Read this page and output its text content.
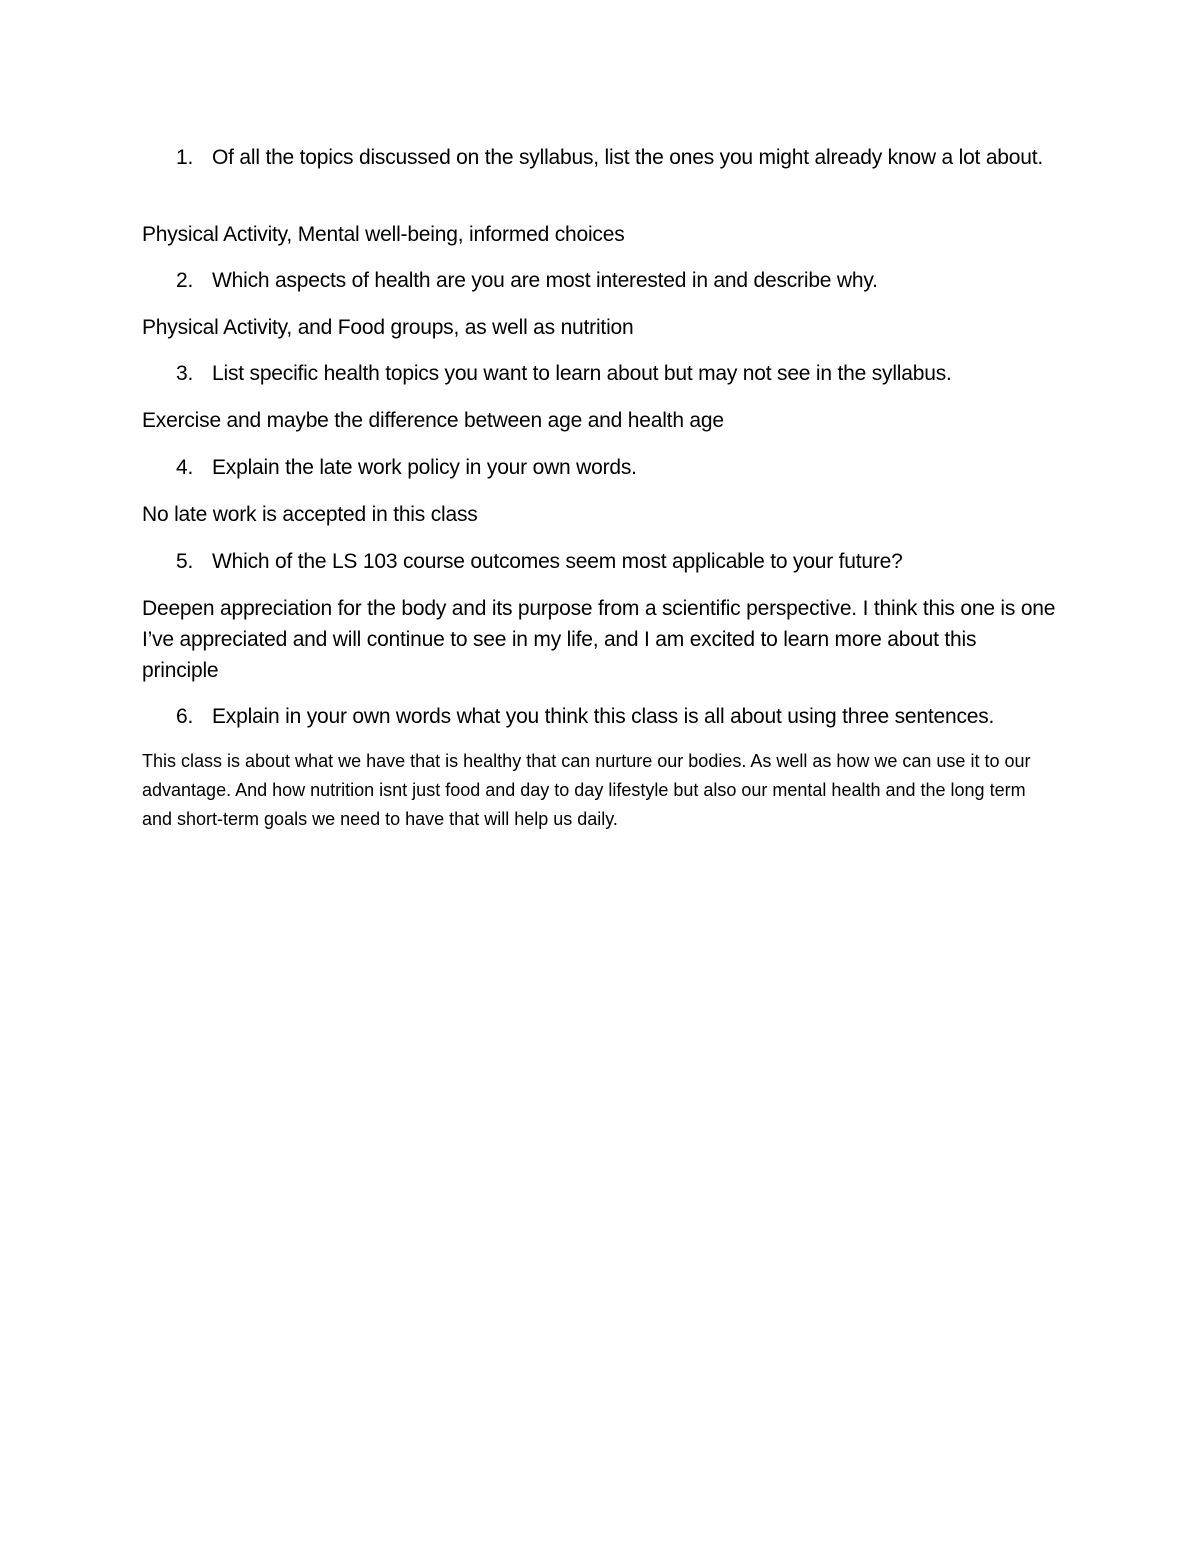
1. Of all the topics discussed on the syllabus, list the ones you might already know a lot about.
Physical Activity, Mental well-being, informed choices
2. Which aspects of health are you are most interested in and describe why.
Physical Activity, and Food groups, as well as nutrition
3. List specific health topics you want to learn about but may not see in the syllabus.
Exercise and maybe the difference between age and health age
4. Explain the late work policy in your own words.
No late work is accepted in this class
5. Which of the LS 103 course outcomes seem most applicable to your future?
Deepen appreciation for the body and its purpose from a scientific perspective. I think this one is one I’ve appreciated and will continue to see in my life, and I am excited to learn more about this principle
6. Explain in your own words what you think this class is all about using three sentences.
This class is about what we have that is healthy that can nurture our bodies. As well as how we can use it to our advantage. And how nutrition isnt just food and day to day lifestyle but also our mental health and the long term and short-term goals we need to have that will help us daily.
